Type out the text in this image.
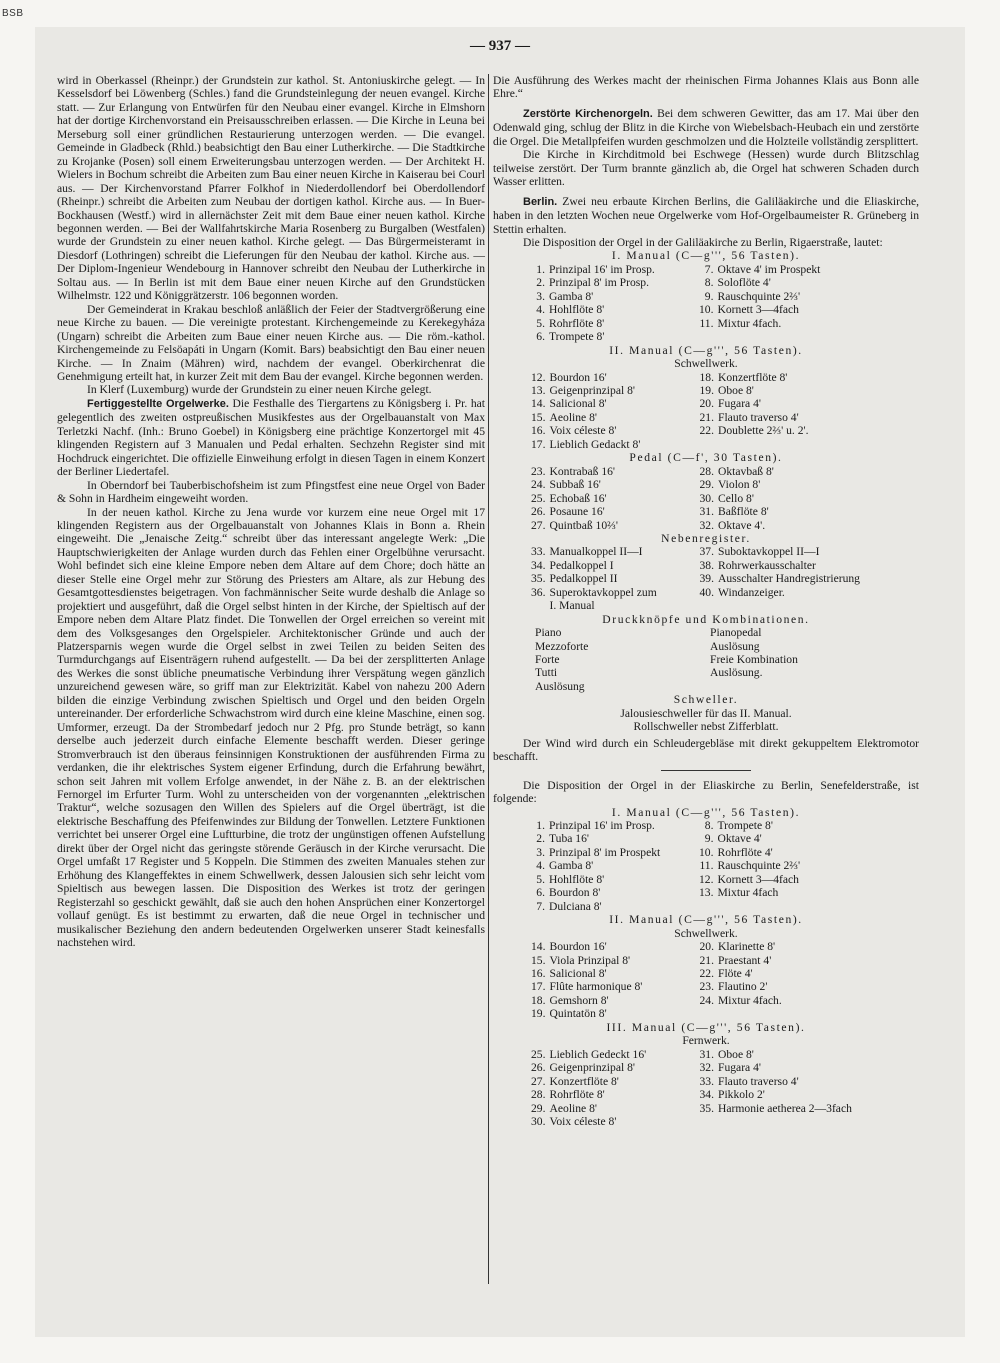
BSB
— 937 —

wird in Oberkassel (Rheinpr.) der Grundstein zur kathol. St. Antoniuskirche gelegt. — In Kesselsdorf bei Löwenberg (Schles.) fand die Grundsteinlegung der neuen evangel. Kirche statt. — Zur Erlangung von Entwürfen für den Neubau einer evangel. Kirche in Elmshorn hat der dortige Kirchenvorstand ein Preisausschreiben erlassen. — Die Kirche in Leuna bei Merseburg soll einer gründlichen Restaurierung unterzogen werden. — Die evangel. Gemeinde in Gladbeck (Rhld.) beabsichtigt den Bau einer Lutherkirche. — Die Stadtkirche zu Krojanke (Posen) soll einem Erweiterungsbau unterzogen werden. — Der Architekt H. Wielers in Bochum schreibt die Arbeiten zum Bau einer neuen Kirche in Kaiserau bei Courl aus. — Der Kirchenvorstand Pfarrer Folkhof in Niederdollendorf bei Oberdollendorf (Rheinpr.) schreibt die Arbeiten zum Neubau der dortigen kathol. Kirche aus. — In Buer-Bockhausen (Westf.) wird in allernächster Zeit mit dem Baue einer neuen kathol. Kirche begonnen werden. — Bei der Wallfahrtskirche Maria Rosenberg zu Burgalben (Westfalen) wurde der Grundstein zu einer neuen kathol. Kirche gelegt. — Das Bürgermeisteramt in Diesdorf (Lothringen) schreibt die Lieferungen für den Neubau der kathol. Kirche aus. — Der Diplom-Ingenieur Wendebourg in Hannover schreibt den Neubau der Lutherkirche in Soltau aus. — In Berlin ist mit dem Baue einer neuen Kirche auf den Grundstücken Wilhelmstr. 122 und Königgrätzerstr. 106 begonnen worden.

Der Gemeinderat in Krakau beschloß anläßlich der Feier der Stadtvergrößerung eine neue Kirche zu bauen. — Die vereinigte protestant. Kirchengemeinde zu Kerekegyháza (Ungarn) schreibt die Arbeiten zum Baue einer neuen Kirche aus. — Die röm.-kathol. Kirchengemeinde zu Felsöapáti in Ungarn (Komit. Bars) beabsichtigt den Bau einer neuen Kirche. — In Znaim (Mähren) wird, nachdem der evangel. Oberkirchenrat die Genehmigung erteilt hat, in kurzer Zeit mit dem Bau der evangel. Kirche begonnen werden.

In Klerf (Luxemburg) wurde der Grundstein zu einer neuen Kirche gelegt.

Fertiggestellte Orgelwerke. Die Festhalle des Tiergartens zu Königsberg i. Pr. hat gelegentlich des zweiten ostpreußischen Musikfestes aus der Orgelbauanstalt von Max Terletzki Nachf. (Inh.: Bruno Goebel) in Königsberg eine prächtige Konzertorgel mit 45 klingenden Registern auf 3 Manualen und Pedal erhalten. Sechzehn Register sind mit Hochdruck eingerichtet. Die offizielle Einweihung erfolgt in diesen Tagen in einem Konzert der Berliner Liedertafel.

In Oberndorf bei Tauberbischofsheim ist zum Pfingstfest eine neue Orgel von Bader & Sohn in Hardheim eingeweiht worden.

In der neuen kathol. Kirche zu Jena wurde vor kurzem eine neue Orgel mit 17 klingenden Registern aus der Orgelbauanstalt von Johannes Klais in Bonn a. Rhein eingeweiht. Die „Jenaische Zeitg.“ schreibt über das interessant angelegte Werk: „Die Hauptschwierigkeiten der Anlage wurden durch das Fehlen einer Orgelbühne verursacht. Wohl befindet sich eine kleine Empore neben dem Altare auf dem Chore; doch hätte an dieser Stelle eine Orgel mehr zur Störung des Priesters am Altare, als zur Hebung des Gesamtgottesdienstes beigetragen. Von fachmännischer Seite wurde deshalb die Anlage so projektiert und ausgeführt, daß die Orgel selbst hinten in der Kirche, der Spieltisch auf der Empore neben dem Altare Platz findet. Die Tonwellen der Orgel erreichen so vereint mit dem des Volksgesanges den Orgelspieler. Architektonischer Gründe und auch der Platzersparnis wegen wurde die Orgel selbst in zwei Teilen zu beiden Seiten des Turmdurchgangs auf Eisenträgern ruhend aufgestellt. — Da bei der zersplitterten Anlage des Werkes die sonst übliche pneumatische Verbindung ihrer Verspätung wegen gänzlich unzureichend gewesen wäre, so griff man zur Elektrizität. Kabel von nahezu 200 Adern bilden die einzige Verbindung zwischen Spieltisch und Orgel und den beiden Orgeln untereinander. Der erforderliche Schwachstrom wird durch eine kleine Maschine, einen sog. Umformer, erzeugt. Da der Strombedarf jedoch nur 2 Pfg. pro Stunde beträgt, so kann derselbe auch jederzeit durch einfache Elemente beschafft werden. Dieser geringe Stromverbrauch ist den überaus feinsinnigen Konstruktionen der ausführenden Firma zu verdanken, die ihr elektrisches System eigener Erfindung, durch die Erfahrung bewährt, schon seit Jahren mit vollem Erfolge anwendet, in der Nähe z. B. an der elektrischen Fernorgel im Erfurter Turm. Wohl zu unterscheiden von der vorgenannten „elektrischen Traktur“, welche sozusagen den Willen des Spielers auf die Orgel überträgt, ist die elektrische Beschaffung des Pfeifenwindes zur Bildung der Tonwellen. Letztere Funktionen verrichtet bei unserer Orgel eine Luftturbine, die trotz der ungünstigen offenen Aufstellung direkt über der Orgel nicht das geringste störende Geräusch in der Kirche verursacht. Die Orgel umfaßt 17 Register und 5 Koppeln. Die Stimmen des zweiten Manuales stehen zur Erhöhung des Klangeffektes in einem Schwellwerk, dessen Jalousien sich sehr leicht vom Spieltisch aus bewegen lassen. Die Disposition des Werkes ist trotz der geringen Registerzahl so geschickt gewählt, daß sie auch den hohen Ansprüchen einer Konzertorgel vollauf genügt. Es ist bestimmt zu erwarten, daß die neue Orgel in technischer und musikalischer Beziehung den andern bedeutenden Orgelwerken unserer Stadt keinesfalls nachstehen wird.

Die Ausführung des Werkes macht der rheinischen Firma Johannes Klais aus Bonn alle Ehre.“

Zerstörte Kirchenorgeln. Bei dem schweren Gewitter, das am 17. Mai über den Odenwald ging, schlug der Blitz in die Kirche von Wiebelsbach-Heubach ein und zerstörte die Orgel. Die Metallpfeifen wurden geschmolzen und die Holzteile vollständig zersplittert.

Die Kirche in Kirchditmold bei Eschwege (Hessen) wurde durch Blitzschlag teilweise zerstört. Der Turm brannte gänzlich ab, die Orgel hat schweren Schaden durch Wasser erlitten.

Berlin. Zwei neu erbaute Kirchen Berlins, die Galiläakirche und die Eliaskirche, haben in den letzten Wochen neue Orgelwerke vom Hof-Orgelbaumeister R. Grüneberg in Stettin erhalten.

Die Disposition der Orgel in der Galiläakirche zu Berlin, Rigaerstraße, lautet:

I. Manual (C—g''', 56 Tasten).
1.	Prinzipal 16' im Prosp.	7.	Oktave 4' im Prospekt
2.	Prinzipal 8' im Prosp.	8.	Soloflöte 4'
3.	Gamba 8'	9.	Rauschquinte 2⅔'
4.	Hohlflöte 8'	10.	Kornett 3—4fach
5.	Rohrflöte 8'	11.	Mixtur 4fach.
6.	Trompete 8'		
II. Manual (C—g''', 56 Tasten).
Schwellwerk.
12.	Bourdon 16'	18.	Konzertflöte 8'
13.	Geigenprinzipal 8'	19.	Oboe 8'
14.	Salicional 8'	20.	Fugara 4'
15.	Aeoline 8'	21.	Flauto traverso 4'
16.	Voix céleste 8'	22.	Doublette 2⅔' u. 2'.
17.	Lieblich Gedackt 8'		
Pedal (C—f', 30 Tasten).
23.	Kontrabaß 16'	28.	Oktavbaß 8'
24.	Subbaß 16'	29.	Violon 8'
25.	Echobaß 16'	30.	Cello 8'
26.	Posaune 16'	31.	Baßflöte 8'
27.	Quintbaß 10⅔'	32.	Oktave 4'.
Nebenregister.
33.	Manualkoppel II—I	37.	Suboktavkoppel II—I
34.	Pedalkoppel I	38.	Rohrwerkausschalter
35.	Pedalkoppel II	39.	Ausschalter Handregistrierung
36.	Superoktavkoppel zum	40.	Windanzeiger.
	I. Manual		
Druckknöpfe und Kombinationen.
Piano	Pianopedal
Mezzoforte	Auslösung
Forte	Freie Kombination
Tutti	Auslösung.
Auslösung	
Schweller.
Jalousieschweller für das II. Manual.
Rollschweller nebst Zifferblatt.

Der Wind wird durch ein Schleudergebläse mit direkt gekuppeltem Elektromotor beschafft.

Die Disposition der Orgel in der Eliaskirche zu Berlin, Senefelderstraße, ist folgende:

I. Manual (C—g''', 56 Tasten).
1.	Prinzipal 16' im Prosp.	8.	Trompete 8'
2.	Tuba 16'	9.	Oktave 4'
3.	Prinzipal 8' im Prospekt	10.	Rohrflöte 4'
4.	Gamba 8'	11.	Rauschquinte 2⅔'
5.	Hohlflöte 8'	12.	Kornett 3—4fach
6.	Bourdon 8'	13.	Mixtur 4fach
7.	Dulciana 8'		
II. Manual (C—g''', 56 Tasten).
Schwellwerk.
14.	Bourdon 16'	20.	Klarinette 8'
15.	Viola Prinzipal 8'	21.	Praestant 4'
16.	Salicional 8'	22.	Flöte 4'
17.	Flûte harmonique 8'	23.	Flautino 2'
18.	Gemshorn 8'	24.	Mixtur 4fach.
19.	Quintatön 8'		
III. Manual (C—g''', 56 Tasten).
Fernwerk.
25.	Lieblich Gedeckt 16'	31.	Oboe 8'
26.	Geigenprinzipal 8'	32.	Fugara 4'
27.	Konzertflöte 8'	33.	Flauto traverso 4'
28.	Rohrflöte 8'	34.	Pikkolo 2'
29.	Aeoline 8'	35.	Harmonie aetherea 2—3fach
30.	Voix céleste 8'		
